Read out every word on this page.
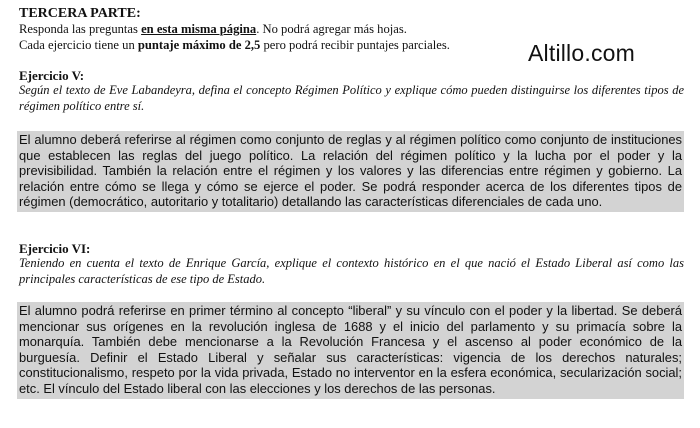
TERCERA PARTE:
Responda las preguntas en esta misma página. No podrá agregar más hojas.
Cada ejercicio tiene un puntaje máximo de 2,5 pero podrá recibir puntajes parciales.	Altillo.com
Ejercicio V:
Según el texto de Eve Labandeyra, defina el concepto Régimen Político y explique cómo pueden distinguirse los diferentes tipos de régimen político entre sí.
El alumno deberá referirse al régimen como conjunto de reglas y al régimen político como conjunto de instituciones que establecen las reglas del juego político. La relación del régimen político y la lucha por el poder y la previsibilidad. También la relación entre el régimen y los valores y las diferencias entre régimen y gobierno. La relación entre cómo se llega y cómo se ejerce el poder. Se podrá responder acerca de los diferentes tipos de régimen (democrático, autoritario y totalitario) detallando las características diferenciales de cada uno.
Ejercicio VI:
Teniendo en cuenta el texto de Enrique García, explique el contexto histórico en el que nació el Estado Liberal así como las principales características de ese tipo de Estado.
El alumno podrá referirse en primer término al concepto “liberal” y su vínculo con el poder y la libertad. Se deberá mencionar sus orígenes en la revolución inglesa de 1688 y el inicio del parlamento y su primacía sobre la monarquía. También debe mencionarse a la Revolución Francesa y el ascenso al poder económico de la burguesía. Definir el Estado Liberal y señalar sus características: vigencia de los derechos naturales; constitucionalismo, respeto por la vida privada, Estado no interventor en la esfera económica, secularización social; etc. El vínculo del Estado liberal con las elecciones y los derechos de las personas.
